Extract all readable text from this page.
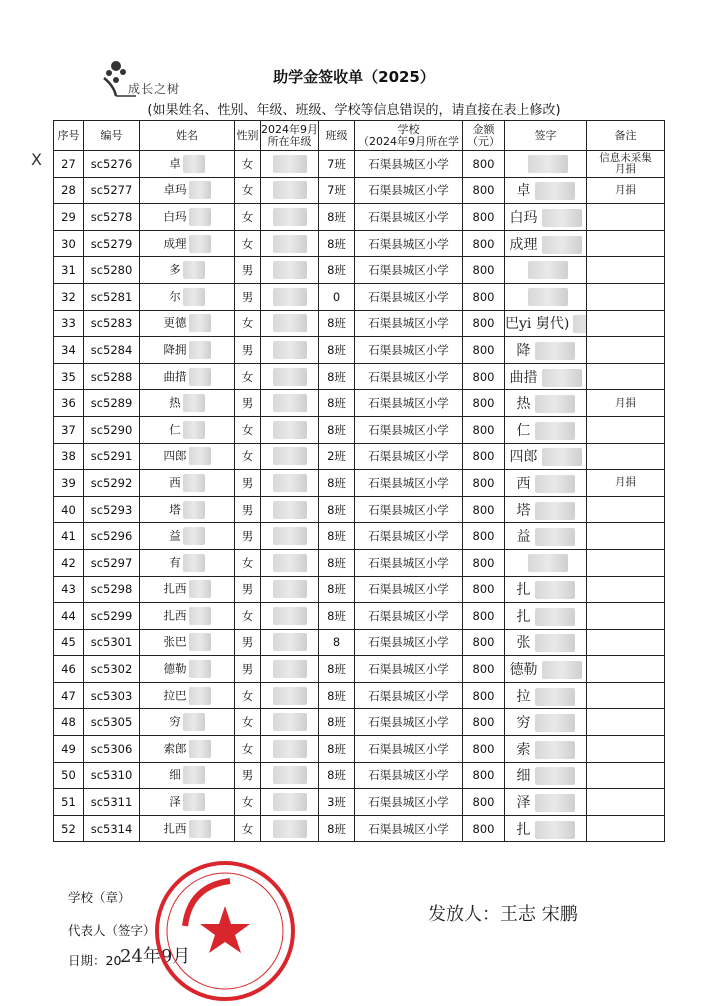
成长之树
助学金签收单（2025）
(如果姓名、性别、年级、班级、学校等信息错误的，请直接在表上修改)
X
序号	编号	姓名	性别	2024年9月
所在年级	班级	学校
（2024年9月所在学	金额
（元）	签字	备注
27	sc5276	卓	女		7班	石渠县城区小学	800		信息未采集
月捐
28	sc5277	卓玛	女		7班	石渠县城区小学	800	卓	月捐
29	sc5278	白玛	女		8班	石渠县城区小学	800	白玛	
30	sc5279	成理	女		8班	石渠县城区小学	800	成理	
31	sc5280	多	男		8班	石渠县城区小学	800		
32	sc5281	尔	男		0	石渠县城区小学	800		
33	sc5283	更德	女		8班	石渠县城区小学	800	巴yi 舅代)	
34	sc5284	降拥	男		8班	石渠县城区小学	800	降	
35	sc5288	曲措	女		8班	石渠县城区小学	800	曲措	
36	sc5289	热	男		8班	石渠县城区小学	800	热	月捐
37	sc5290	仁	女		8班	石渠县城区小学	800	仁	
38	sc5291	四郎	女		2班	石渠县城区小学	800	四郎	
39	sc5292	西	男		8班	石渠县城区小学	800	西	月捐
40	sc5293	塔	男		8班	石渠县城区小学	800	塔	
41	sc5296	益	男		8班	石渠县城区小学	800	益	
42	sc5297	有	女		8班	石渠县城区小学	800		
43	sc5298	扎西	男		8班	石渠县城区小学	800	扎	
44	sc5299	扎西	女		8班	石渠县城区小学	800	扎	
45	sc5301	张巴	男		8	石渠县城区小学	800	张	
46	sc5302	德勒	男		8班	石渠县城区小学	800	德勒	
47	sc5303	拉巴	女		8班	石渠县城区小学	800	拉	
48	sc5305	穷	女		8班	石渠县城区小学	800	穷	
49	sc5306	索郎	女		8班	石渠县城区小学	800	索	
50	sc5310	细	男		8班	石渠县城区小学	800	细	
51	sc5311	泽	女		3班	石渠县城区小学	800	泽	
52	sc5314	扎西	女		8班	石渠县城区小学	800	扎	
学校（章）
代表人（签字）
日期：20
24年9月
发放人：王志 宋鹏
